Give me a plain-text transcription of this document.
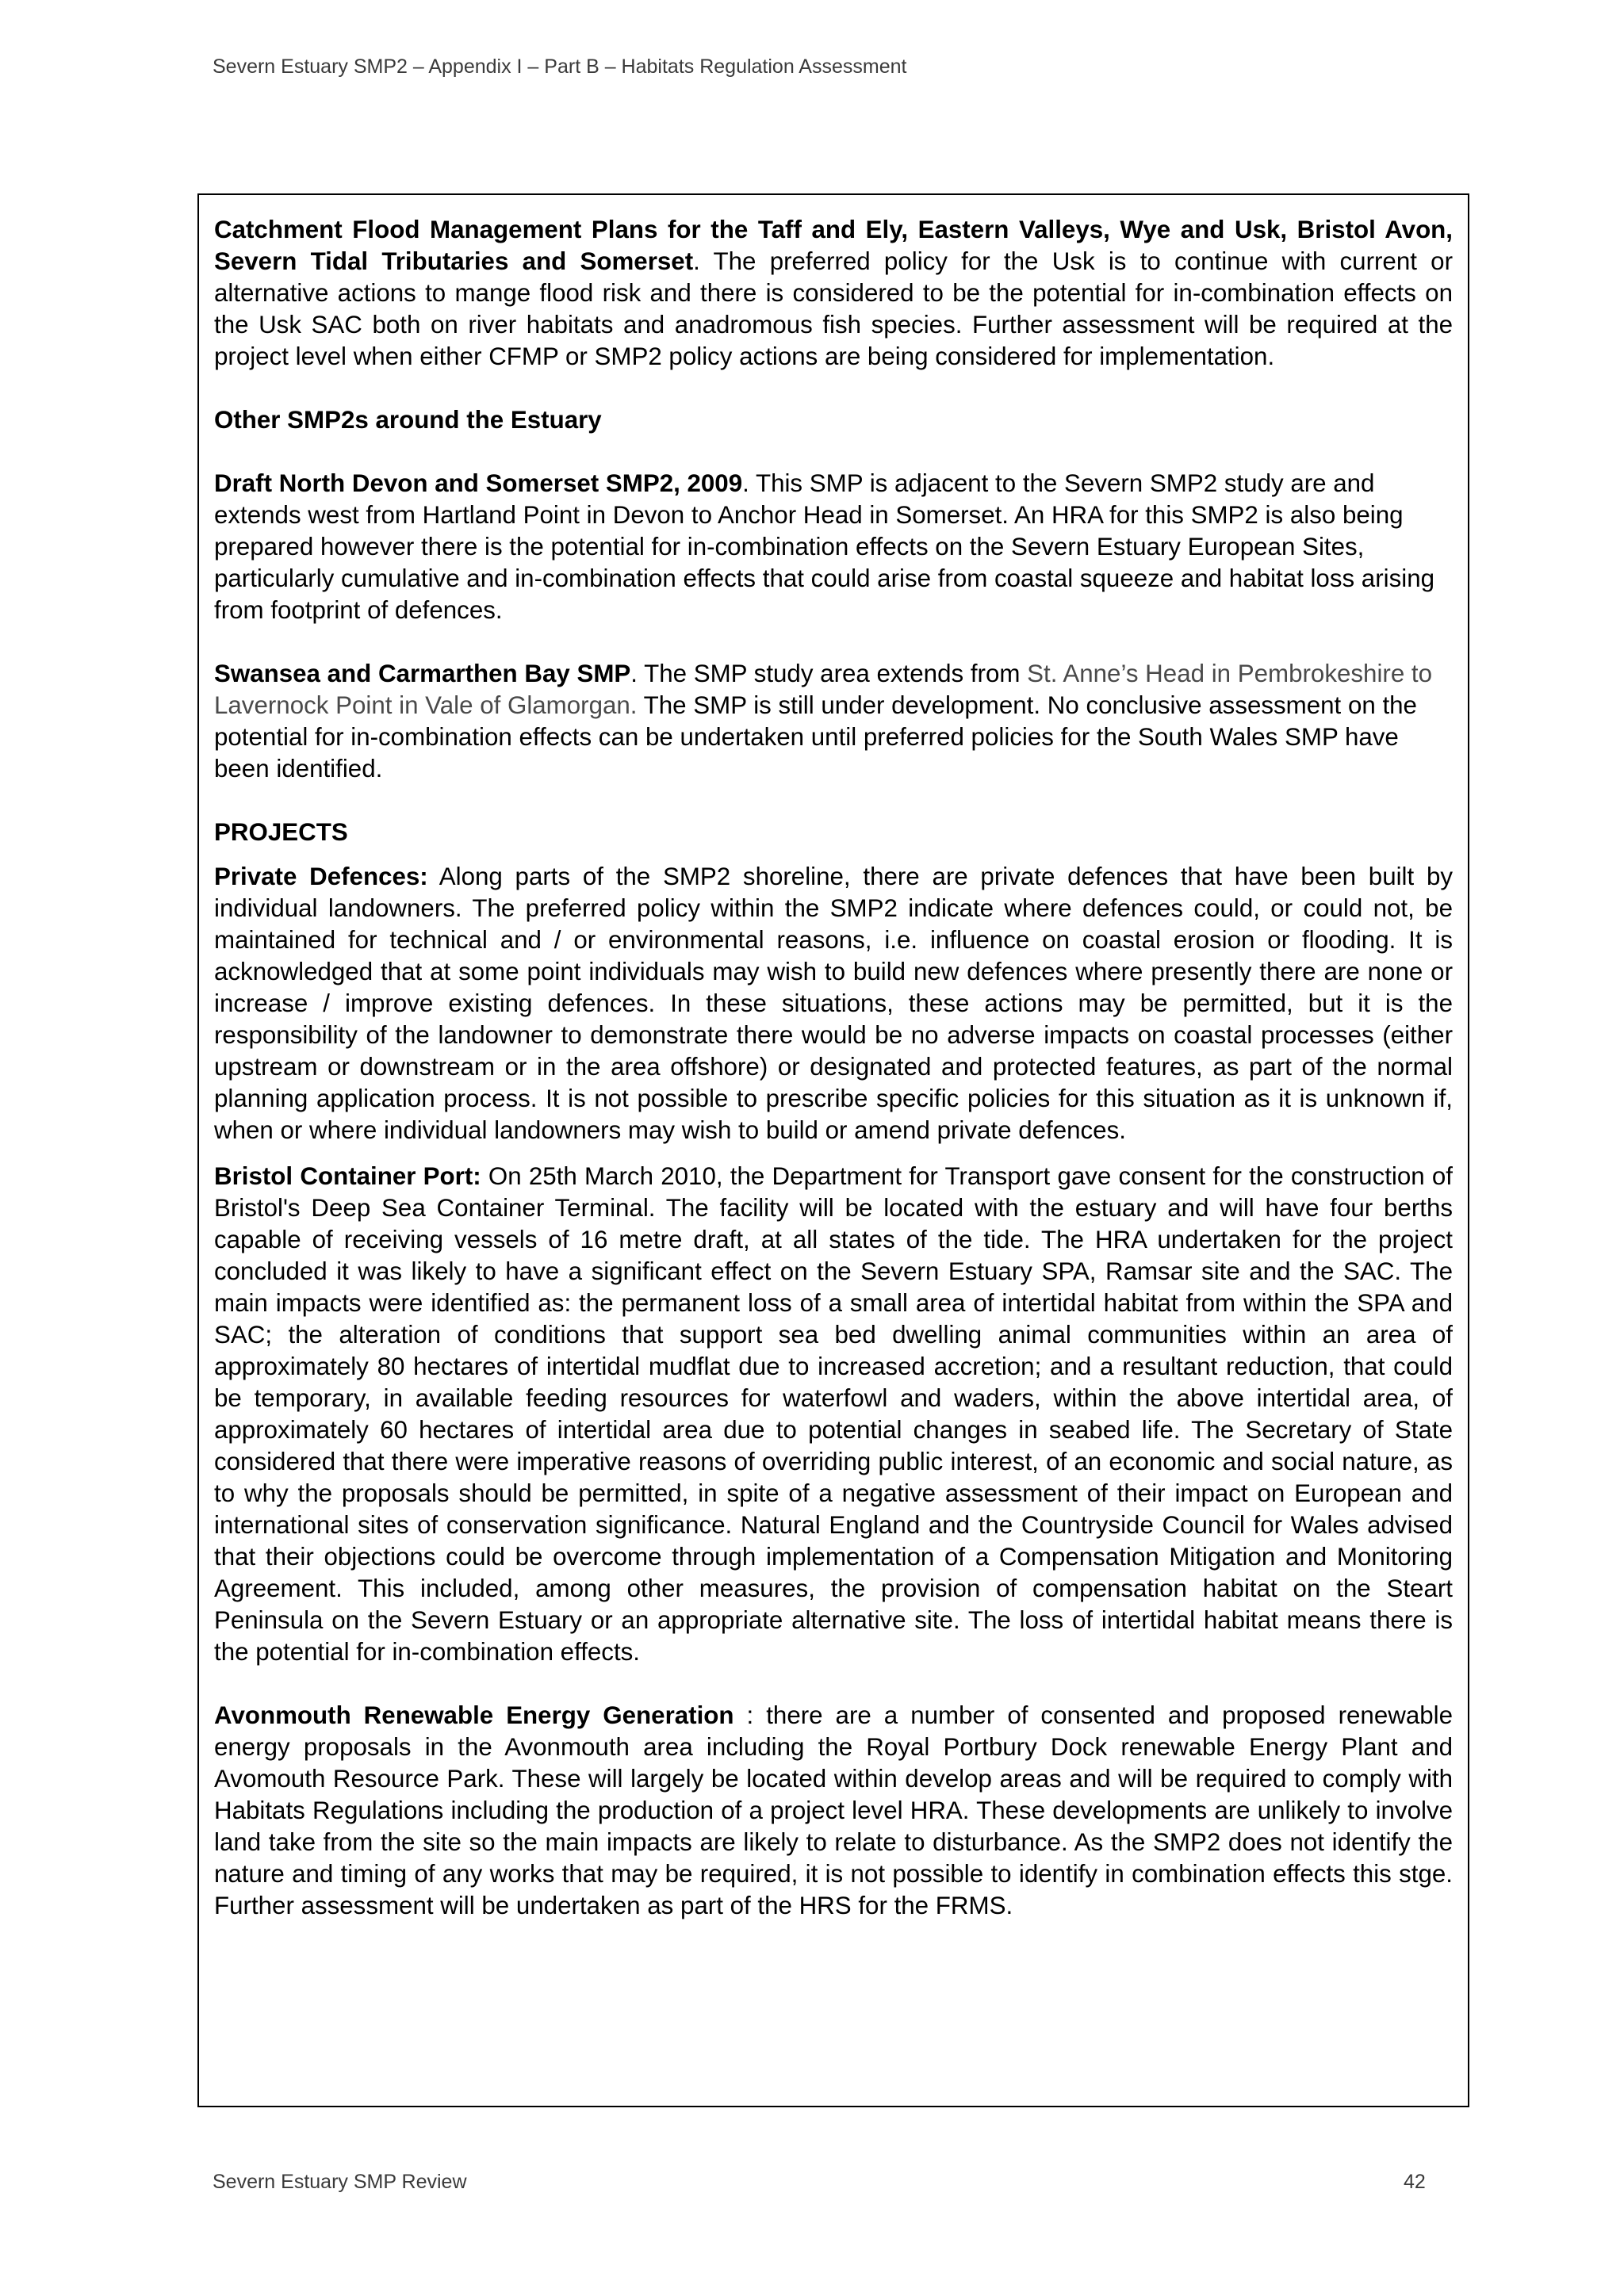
Severn Estuary SMP2 – Appendix I – Part B – Habitats Regulation Assessment

Catchment Flood Management Plans for the Taff and Ely, Eastern Valleys, Wye and Usk, Bristol Avon, Severn Tidal Tributaries and Somerset. The preferred policy for the Usk is to continue with current or alternative actions to mange flood risk and there is considered to be the potential for in-combination effects on the Usk SAC both on river habitats and anadromous fish species. Further assessment will be required at the project level when either CFMP or SMP2 policy actions are being considered for implementation.

Other SMP2s around the Estuary

Draft North Devon and Somerset SMP2, 2009. This SMP is adjacent to the Severn SMP2 study are and extends west from Hartland Point in Devon to Anchor Head in Somerset. An HRA for this SMP2 is also being prepared however there is the potential for in-combination effects on the Severn Estuary European Sites, particularly cumulative and in-combination effects that could arise from coastal squeeze and habitat loss arising from footprint of defences.

Swansea and Carmarthen Bay SMP. The SMP study area extends from St. Anne’s Head in Pembrokeshire to Lavernock Point in Vale of Glamorgan. The SMP is still under development. No conclusive assessment on the potential for in-combination effects can be undertaken until preferred policies for the South Wales SMP have been identified.

PROJECTS

Private Defences: Along parts of the SMP2 shoreline, there are private defences that have been built by individual landowners. The preferred policy within the SMP2 indicate where defences could, or could not, be maintained for technical and / or environmental reasons, i.e. influence on coastal erosion or flooding. It is acknowledged that at some point individuals may wish to build new defences where presently there are none or increase / improve existing defences. In these situations, these actions may be permitted, but it is the responsibility of the landowner to demonstrate there would be no adverse impacts on coastal processes (either upstream or downstream or in the area offshore) or designated and protected features, as part of the normal planning application process. It is not possible to prescribe specific policies for this situation as it is unknown if, when or where individual landowners may wish to build or amend private defences.

Bristol Container Port: On 25th March 2010, the Department for Transport gave consent for the construction of Bristol's Deep Sea Container Terminal. The facility will be located with the estuary and will have four berths capable of receiving vessels of 16 metre draft, at all states of the tide. The HRA undertaken for the project concluded it was likely to have a significant effect on the Severn Estuary SPA, Ramsar site and the SAC. The main impacts were identified as: the permanent loss of a small area of intertidal habitat from within the SPA and SAC; the alteration of conditions that support sea bed dwelling animal communities within an area of approximately 80 hectares of intertidal mudflat due to increased accretion; and a resultant reduction, that could be temporary, in available feeding resources for waterfowl and waders, within the above intertidal area, of approximately 60 hectares of intertidal area due to potential changes in seabed life. The Secretary of State considered that there were imperative reasons of overriding public interest, of an economic and social nature, as to why the proposals should be permitted, in spite of a negative assessment of their impact on European and international sites of conservation significance. Natural England and the Countryside Council for Wales advised that their objections could be overcome through implementation of a Compensation Mitigation and Monitoring Agreement. This included, among other measures, the provision of compensation habitat on the Steart Peninsula on the Severn Estuary or an appropriate alternative site. The loss of intertidal habitat means there is the potential for in-combination effects.

Avonmouth Renewable Energy Generation : there are a number of consented and proposed renewable energy proposals in the Avonmouth area including the Royal Portbury Dock renewable Energy Plant and Avomouth Resource Park. These will largely be located within develop areas and will be required to comply with Habitats Regulations including the production of a project level HRA. These developments are unlikely to involve land take from the site so the main impacts are likely to relate to disturbance. As the SMP2 does not identify the nature and timing of any works that may be required, it is not possible to identify in combination effects this stge. Further assessment will be undertaken as part of the HRS for the FRMS.

Severn Estuary SMP Review	42
